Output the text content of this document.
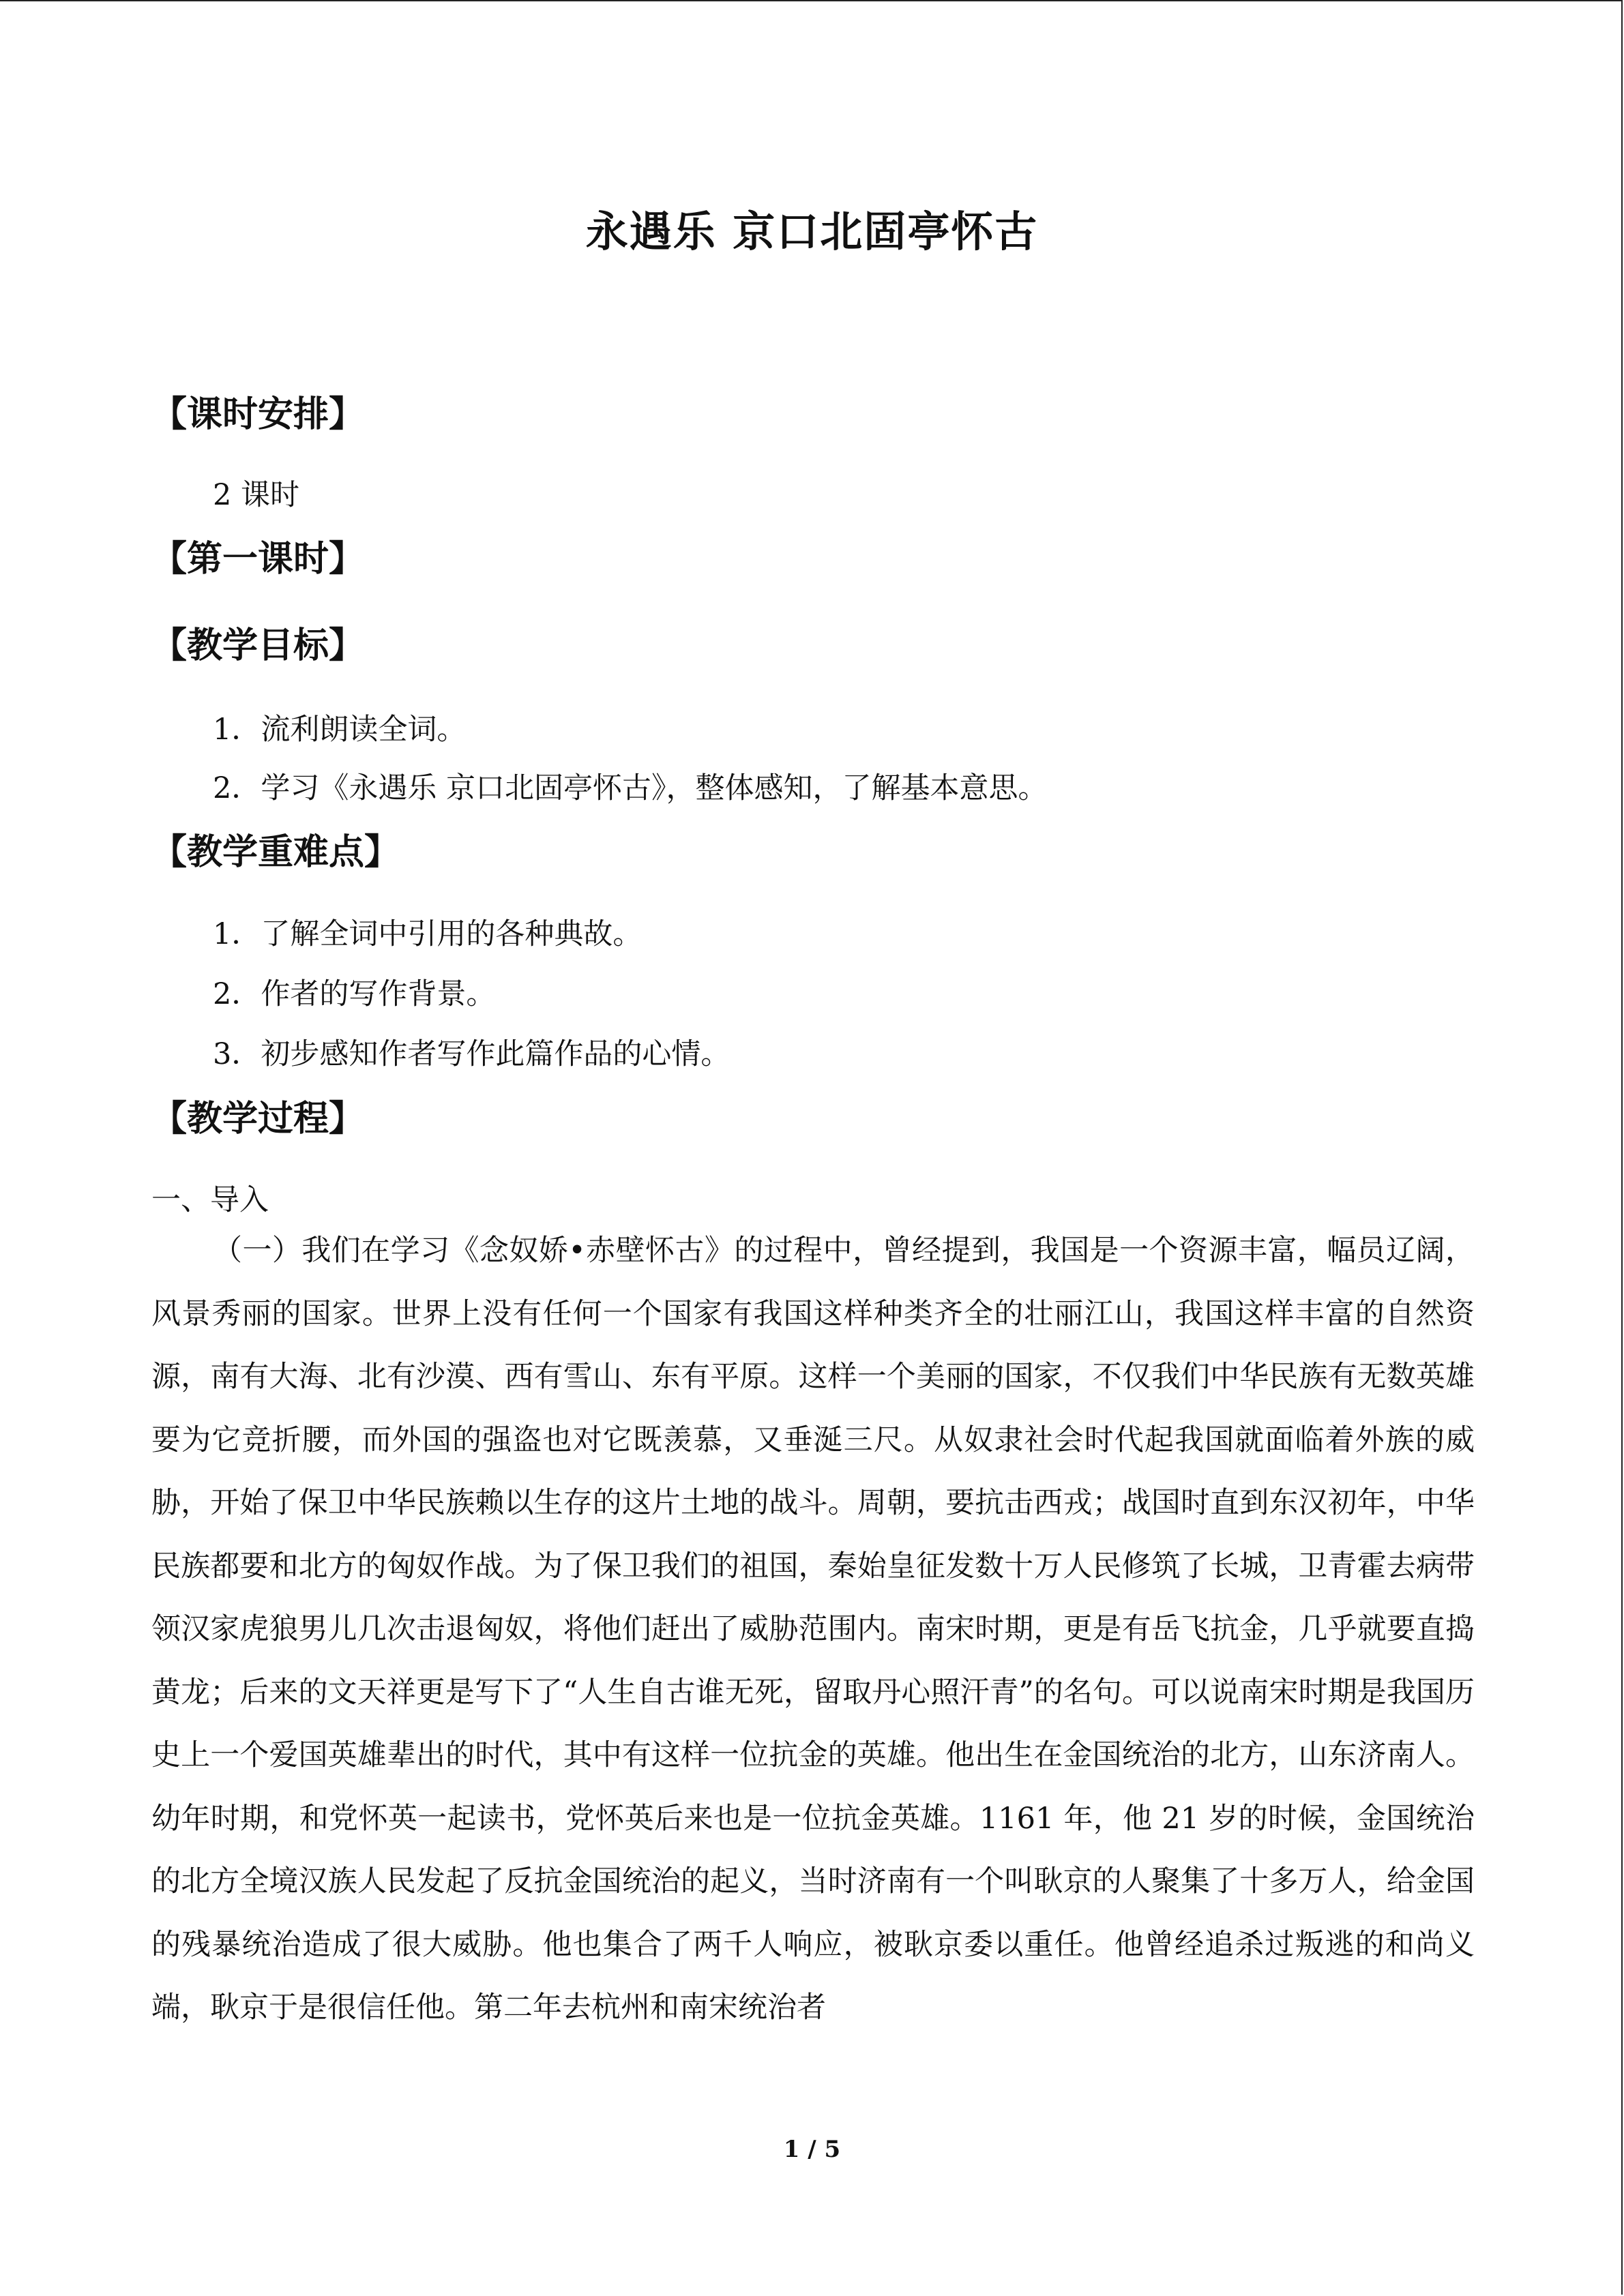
永遇乐 京口北固亭怀古
【课时安排】
2 课时
【第一课时】
【教学目标】
1．流利朗读全词。
2．学习《永遇乐 京口北固亭怀古》，整体感知，了解基本意思。
【教学重难点】
1．了解全词中引用的各种典故。
2．作者的写作背景。
3．初步感知作者写作此篇作品的心情。
【教学过程】
一、导入
（一）我们在学习《念奴娇•赤壁怀古》的过程中，曾经提到，我国是一个资源丰富，幅员辽阔，风景秀丽的国家。世界上没有任何一个国家有我国这样种类齐全的壮丽江山，我国这样丰富的自然资源，南有大海、北有沙漠、西有雪山、东有平原。这样一个美丽的国家，不仅我们中华民族有无数英雄要为它竞折腰，而外国的强盗也对它既羡慕，又垂涎三尺。从奴隶社会时代起我国就面临着外族的威胁，开始了保卫中华民族赖以生存的这片土地的战斗。周朝，要抗击西戎；战国时直到东汉初年，中华民族都要和北方的匈奴作战。为了保卫我们的祖国，秦始皇征发数十万人民修筑了长城，卫青霍去病带领汉家虎狼男儿几次击退匈奴，将他们赶出了威胁范围内。南宋时期，更是有岳飞抗金，几乎就要直捣黄龙；后来的文天祥更是写下了“人生自古谁无死，留取丹心照汗青”的名句。可以说南宋时期是我国历史上一个爱国英雄辈出的时代，其中有这样一位抗金的英雄。他出生在金国统治的北方，山东济南人。幼年时期，和党怀英一起读书，党怀英后来也是一位抗金英雄。1161 年，他 21 岁的时候，金国统治的北方全境汉族人民发起了反抗金国统治的起义，当时济南有一个叫耿京的人聚集了十多万人，给金国的残暴统治造成了很大威胁。他也集合了两千人响应，被耿京委以重任。他曾经追杀过叛逃的和尚义端，耿京于是很信任他。第二年去杭州和南宋统治者
1 / 5
